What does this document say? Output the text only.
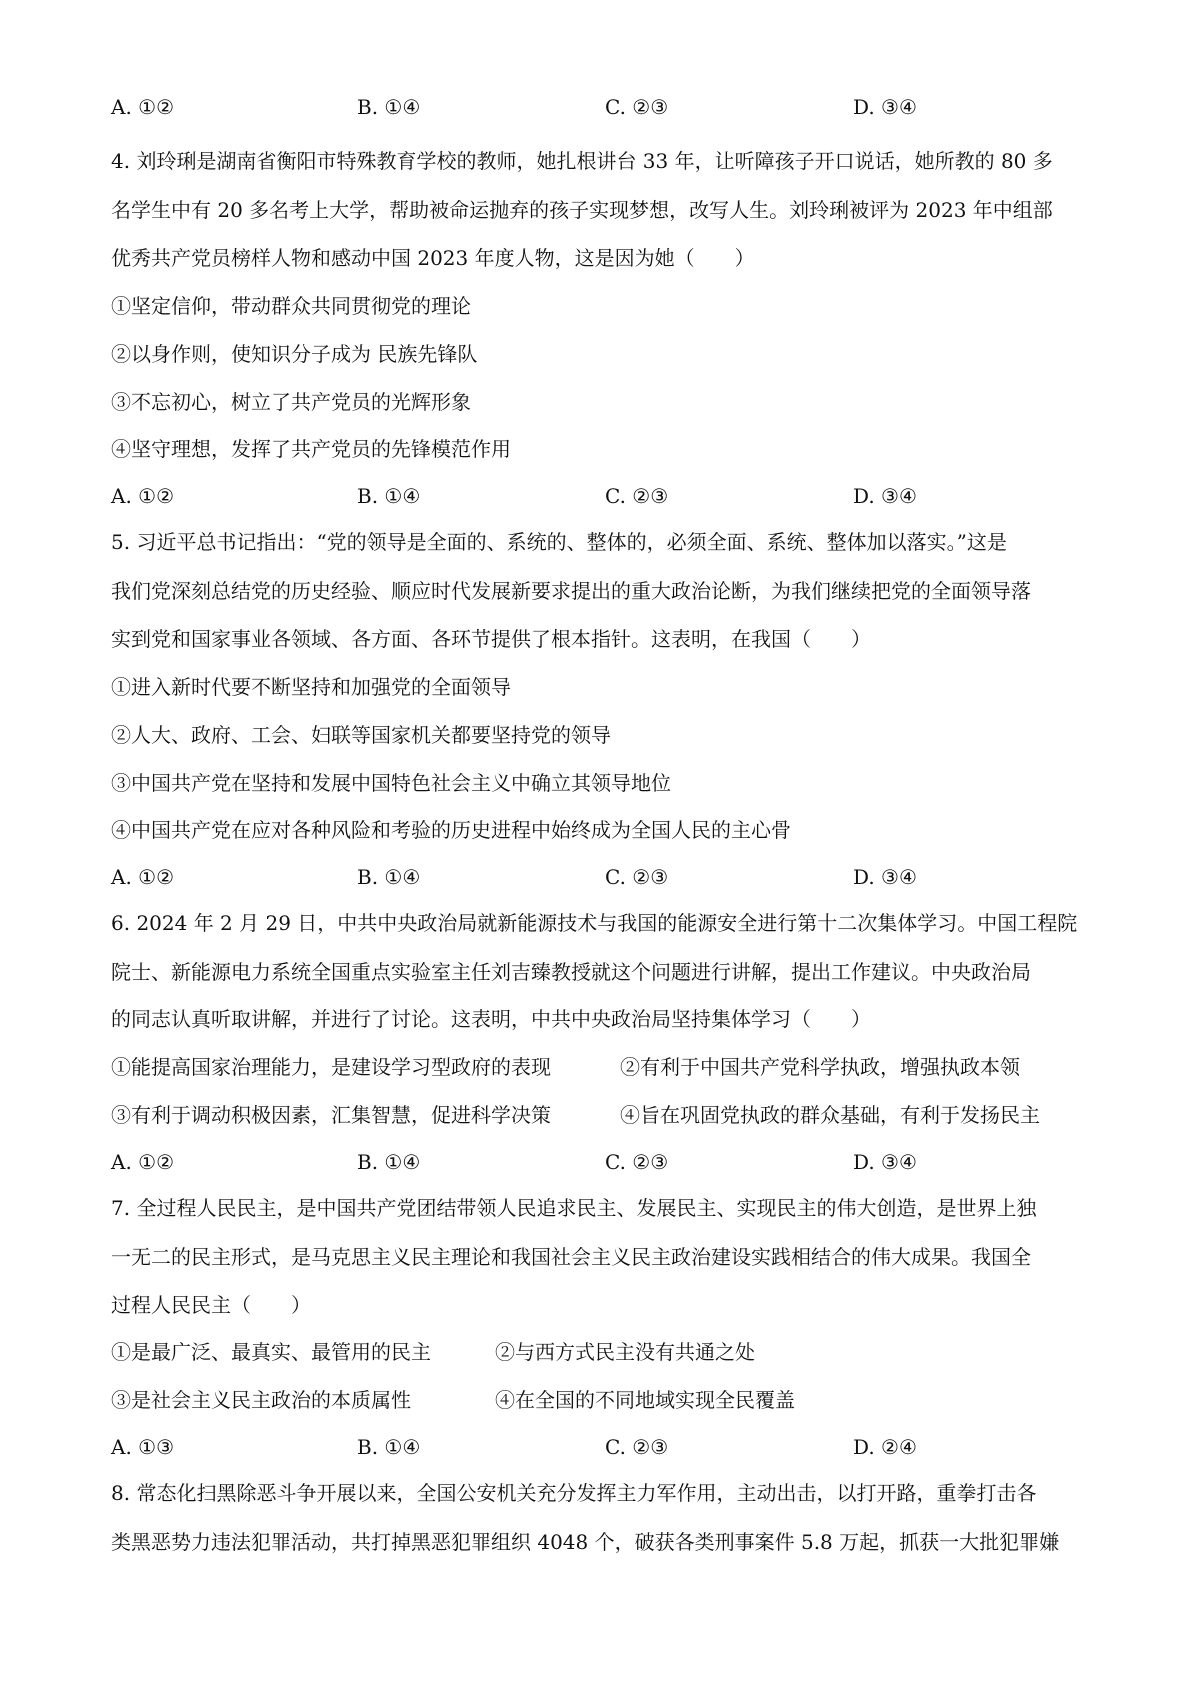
A. ①②	B. ①④	C. ②③	D. ③④
4. 刘玲琍是湖南省衡阳市特殊教育学校的教师，她扎根讲台 33 年，让听障孩子开口说话，她所教的 80 多
名学生中有 20 多名考上大学，帮助被命运抛弃的孩子实现梦想，改写人生。刘玲琍被评为 2023 年中组部
优秀共产党员榜样人物和感动中国 2023 年度人物，这是因为她（　　）
①坚定信仰，带动群众共同贯彻党的理论
②以身作则，使知识分子成为 民族先锋队
③不忘初心，树立了共产党员的光辉形象
④坚守理想，发挥了共产党员的先锋模范作用
A. ①②	B. ①④	C. ②③	D. ③④
5. 习近平总书记指出：“党的领导是全面的、系统的、整体的，必须全面、系统、整体加以落实。”这是
我们党深刻总结党的历史经验、顺应时代发展新要求提出的重大政治论断，为我们继续把党的全面领导落
实到党和国家事业各领域、各方面、各环节提供了根本指针。这表明，在我国（　　）
①进入新时代要不断坚持和加强党的全面领导
②人大、政府、工会、妇联等国家机关都要坚持党的领导
③中国共产党在坚持和发展中国特色社会主义中确立其领导地位
④中国共产党在应对各种风险和考验的历史进程中始终成为全国人民的主心骨
A. ①②	B. ①④	C. ②③	D. ③④
6. 2024 年 2 月 29 日，中共中央政治局就新能源技术与我国的能源安全进行第十二次集体学习。中国工程院
院士、新能源电力系统全国重点实验室主任刘吉臻教授就这个问题进行讲解，提出工作建议。中央政治局
的同志认真听取讲解，并进行了讨论。这表明，中共中央政治局坚持集体学习（　　）
①能提高国家治理能力，是建设学习型政府的表现	②有利于中国共产党科学执政，增强执政本领
③有利于调动积极因素，汇集智慧，促进科学决策	④旨在巩固党执政的群众基础，有利于发扬民主
A. ①②	B. ①④	C. ②③	D. ③④
7. 全过程人民民主，是中国共产党团结带领人民追求民主、发展民主、实现民主的伟大创造，是世界上独
一无二的民主形式，是马克思主义民主理论和我国社会主义民主政治建设实践相结合的伟大成果。我国全
过程人民民主（　　）
①是最广泛、最真实、最管用的民主	②与西方式民主没有共通之处
③是社会主义民主政治的本质属性	④在全国的不同地域实现全民覆盖
A. ①③	B. ①④	C. ②③	D. ②④
8. 常态化扫黑除恶斗争开展以来，全国公安机关充分发挥主力军作用，主动出击，以打开路，重拳打击各
类黑恶势力违法犯罪活动，共打掉黑恶犯罪组织 4048 个，破获各类刑事案件 5.8 万起，抓获一大批犯罪嫌
